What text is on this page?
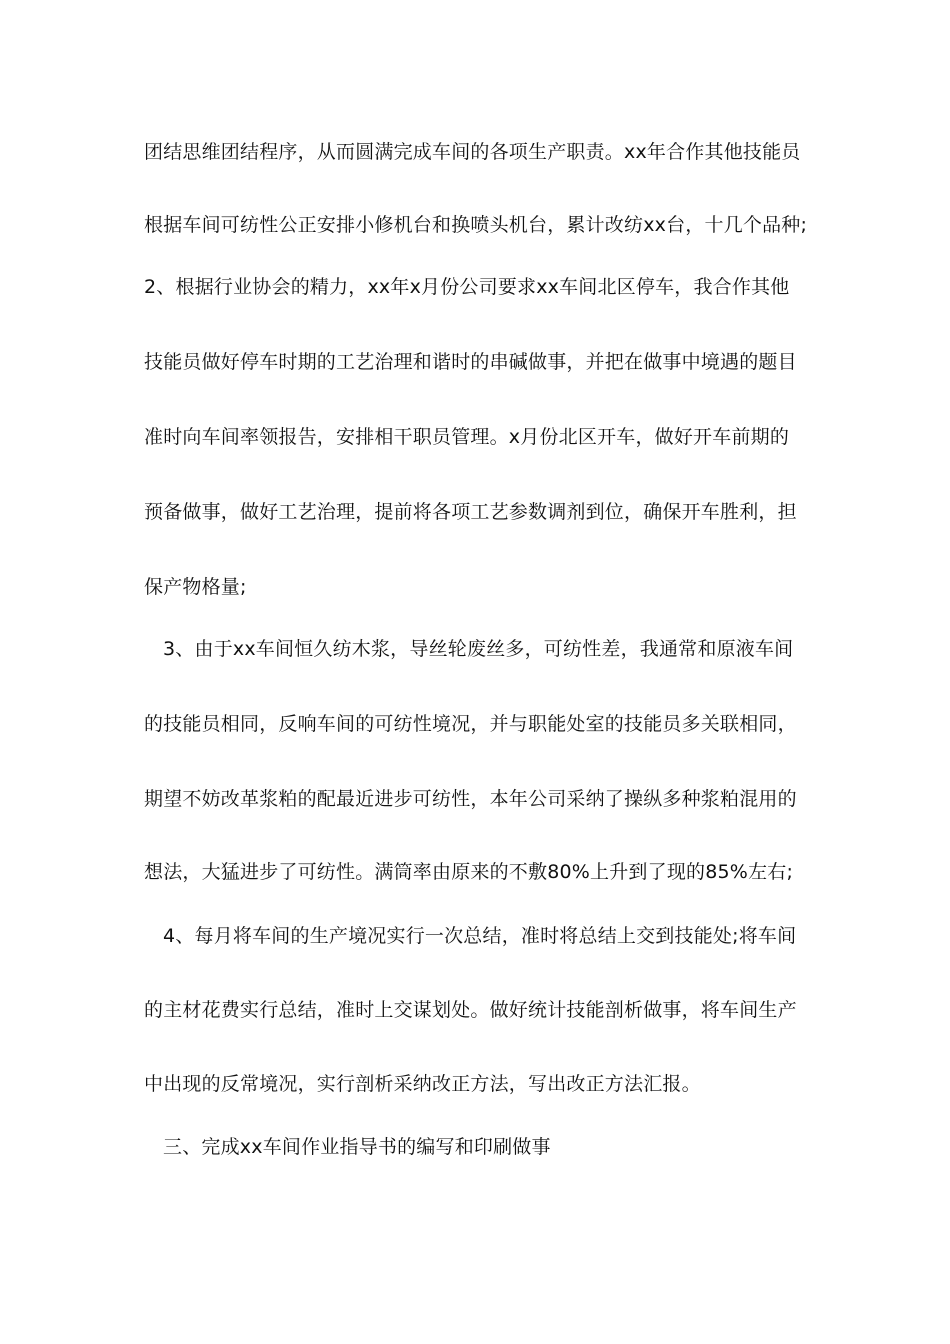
团结思维团结程序，从而圆满完成车间的各项生产职责。xx年合作其他技能员
根据车间可纺性公正安排小修机台和换喷头机台，累计改纺xx台，十几个品种;
2、根据行业协会的精力，xx年x月份公司要求xx车间北区停车，我合作其他
技能员做好停车时期的工艺治理和谐时的串碱做事，并把在做事中境遇的题目
准时向车间率领报告，安排相干职员管理。x月份北区开车，做好开车前期的
预备做事，做好工艺治理，提前将各项工艺参数调剂到位，确保开车胜利，担
保产物格量;
3、由于xx车间恒久纺木浆，导丝轮废丝多，可纺性差，我通常和原液车间
的技能员相同，反响车间的可纺性境况，并与职能处室的技能员多关联相同，
期望不妨改革浆粕的配最近进步可纺性，本年公司采纳了操纵多种浆粕混用的
想法，大猛进步了可纺性。满筒率由原来的不敷80%上升到了现的85%左右;
4、每月将车间的生产境况实行一次总结，准时将总结上交到技能处;将车间
的主材花费实行总结，准时上交谋划处。做好统计技能剖析做事，将车间生产
中出现的反常境况，实行剖析采纳改正方法，写出改正方法汇报。
三、完成xx车间作业指导书的编写和印刷做事
